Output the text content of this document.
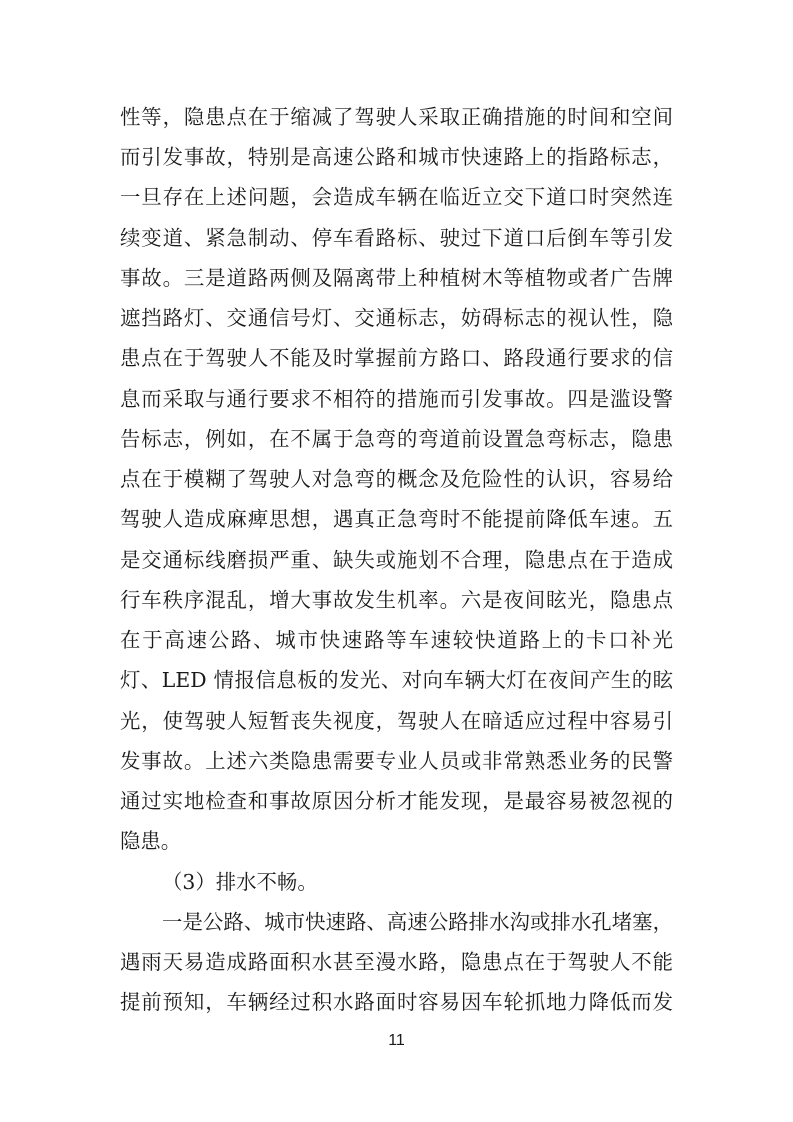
性等，隐患点在于缩减了驾驶人采取正确措施的时间和空间
而引发事故，特别是高速公路和城市快速路上的指路标志，
一旦存在上述问题，会造成车辆在临近立交下道口时突然连
续变道、紧急制动、停车看路标、驶过下道口后倒车等引发
事故。三是道路两侧及隔离带上种植树木等植物或者广告牌
遮挡路灯、交通信号灯、交通标志，妨碍标志的视认性，隐
患点在于驾驶人不能及时掌握前方路口、路段通行要求的信
息而采取与通行要求不相符的措施而引发事故。四是滥设警
告标志，例如，在不属于急弯的弯道前设置急弯标志，隐患
点在于模糊了驾驶人对急弯的概念及危险性的认识，容易给
驾驶人造成麻痺思想，遇真正急弯时不能提前降低车速。五
是交通标线磨损严重、缺失或施划不合理，隐患点在于造成
行车秩序混乱，增大事故发生机率。六是夜间眩光，隐患点
在于高速公路、城市快速路等车速较快道路上的卡口补光
灯、LED 情报信息板的发光、对向车辆大灯在夜间产生的眩
光，使驾驶人短暂丧失视度，驾驶人在暗适应过程中容易引
发事故。上述六类隐患需要专业人员或非常熟悉业务的民警
通过实地检查和事故原因分析才能发现，是最容易被忽视的
隐患。
（3）排水不畅。
一是公路、城市快速路、高速公路排水沟或排水孔堵塞，
遇雨天易造成路面积水甚至漫水路，隐患点在于驾驶人不能
提前预知，车辆经过积水路面时容易因车轮抓地力降低而发
11
